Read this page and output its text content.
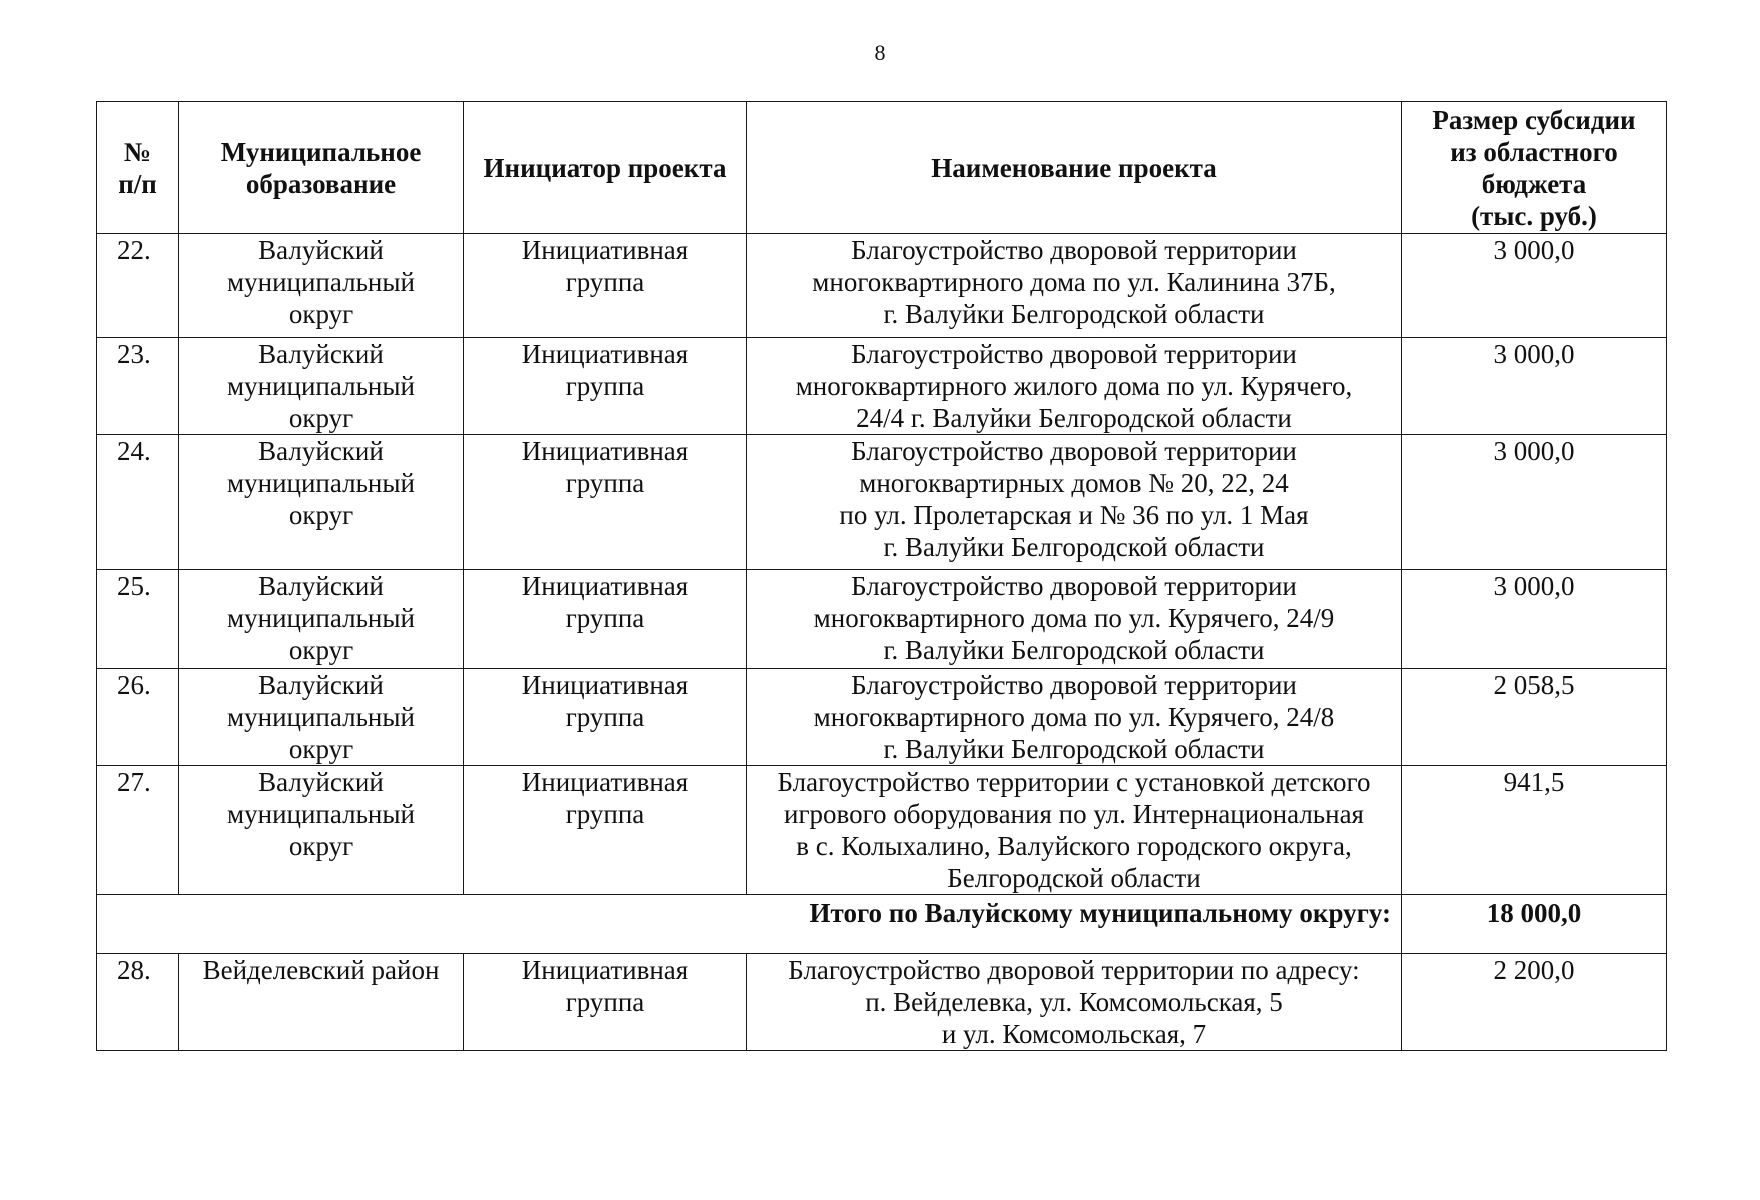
8
№
п/п	Муниципальное
образование	Инициатор проекта	Наименование проекта	Размер субсидии
из областного
бюджета
(тыс. руб.)

22.	Валуйский
муниципальный
округ	Инициативная
группа	Благоустройство дворовой территории
многоквартирного дома по ул. Калинина 37Б,
г. Валуйки Белгородской области	3 000,0
23.	Валуйский
муниципальный
округ	Инициативная
группа	Благоустройство дворовой территории
многоквартирного жилого дома по ул. Курячего,
24/4 г. Валуйки Белгородской области	3 000,0
24.	Валуйский
муниципальный
округ	Инициативная
группа	Благоустройство дворовой территории
многоквартирных домов № 20, 22, 24
по ул. Пролетарская и № 36 по ул. 1 Мая
г. Валуйки Белгородской области	3 000,0
25.	Валуйский
муниципальный
округ	Инициативная
группа	Благоустройство дворовой территории
многоквартирного дома по ул. Курячего, 24/9
г. Валуйки Белгородской области	3 000,0
26.	Валуйский
муниципальный
округ	Инициативная
группа	Благоустройство дворовой территории
многоквартирного дома по ул. Курячего, 24/8
г. Валуйки Белгородской области	2 058,5
27.	Валуйский
муниципальный
округ	Инициативная
группа	Благоустройство территории с установкой детского
игрового оборудования по ул. Интернациональная
в с. Колыхалино, Валуйского городского округа,
Белгородской области	941,5
Итого по Валуйскому муниципальному округу:				18 000,0
28.	Вейделевский район	Инициативная
группа	Благоустройство дворовой территории по адресу:
п. Вейделевка, ул. Комсомольская, 5
и ул. Комсомольская, 7	2 200,0
